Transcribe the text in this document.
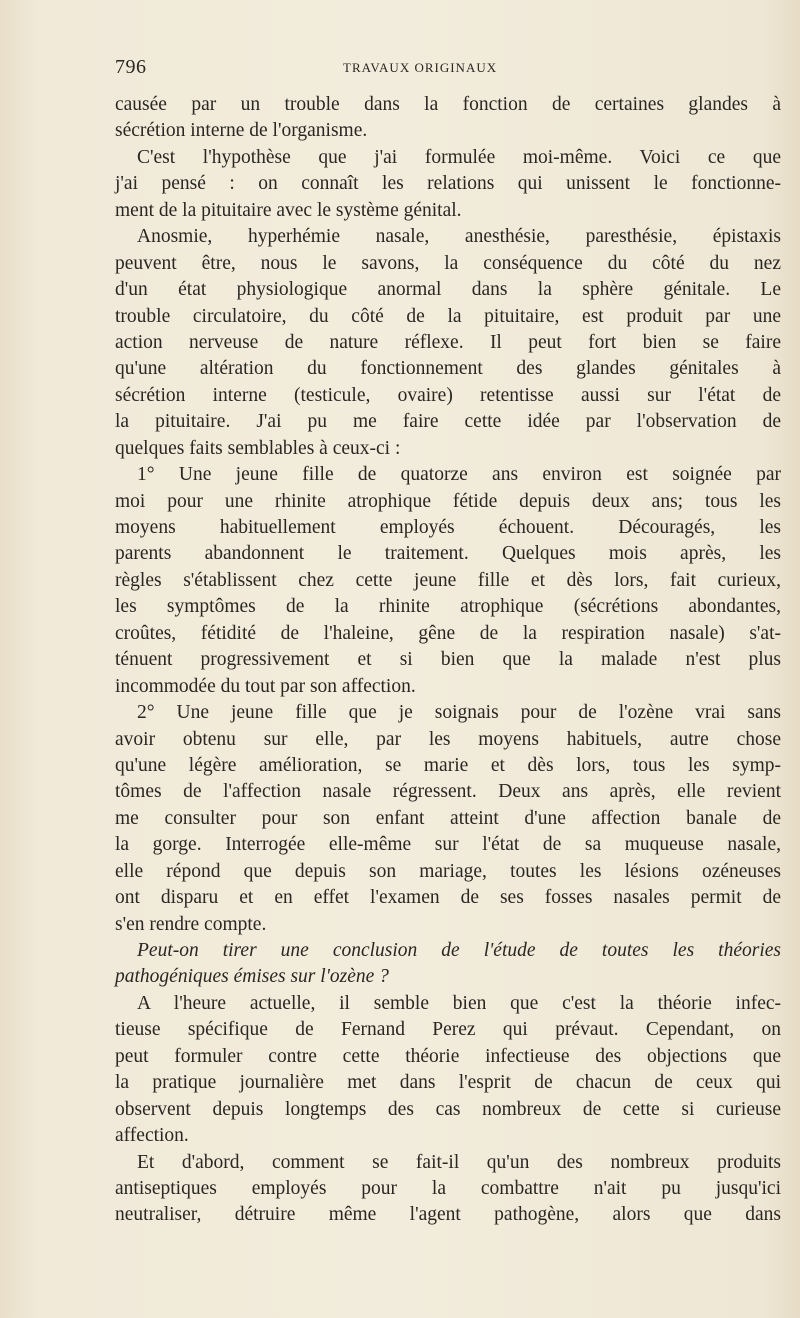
796	TRAVAUX ORIGINAUX
causée par un trouble dans la fonction de certaines glandes à
sécrétion interne de l'organisme.
C'est l'hypothèse que j'ai formulée moi-même. Voici ce que
j'ai pensé : on connaît les relations qui unissent le fonctionne-
ment de la pituitaire avec le système génital.
Anosmie, hyperhémie nasale, anesthésie, paresthésie, épistaxis
peuvent être, nous le savons, la conséquence du côté du nez
d'un état physiologique anormal dans la sphère génitale. Le
trouble circulatoire, du côté de la pituitaire, est produit par une
action nerveuse de nature réflexe. Il peut fort bien se faire
qu'une altération du fonctionnement des glandes génitales à
sécrétion interne (testicule, ovaire) retentisse aussi sur l'état de
la pituitaire. J'ai pu me faire cette idée par l'observation de
quelques faits semblables à ceux-ci :
1° Une jeune fille de quatorze ans environ est soignée par
moi pour une rhinite atrophique fétide depuis deux ans; tous les
moyens habituellement employés échouent. Découragés, les
parents abandonnent le traitement. Quelques mois après, les
règles s'établissent chez cette jeune fille et dès lors, fait curieux,
les symptômes de la rhinite atrophique (sécrétions abondantes,
croûtes, fétidité de l'haleine, gêne de la respiration nasale) s'at-
ténuent progressivement et si bien que la malade n'est plus
incommodée du tout par son affection.
2° Une jeune fille que je soignais pour de l'ozène vrai sans
avoir obtenu sur elle, par les moyens habituels, autre chose
qu'une légère amélioration, se marie et dès lors, tous les symp-
tômes de l'affection nasale régressent. Deux ans après, elle revient
me consulter pour son enfant atteint d'une affection banale de
la gorge. Interrogée elle-même sur l'état de sa muqueuse nasale,
elle répond que depuis son mariage, toutes les lésions ozéneuses
ont disparu et en effet l'examen de ses fosses nasales permit de
s'en rendre compte.
Peut-on tirer une conclusion de l'étude de toutes les théories
pathogéniques émises sur l'ozène ?
A l'heure actuelle, il semble bien que c'est la théorie infec-
tieuse spécifique de Fernand Perez qui prévaut. Cependant, on
peut formuler contre cette théorie infectieuse des objections que
la pratique journalière met dans l'esprit de chacun de ceux qui
observent depuis longtemps des cas nombreux de cette si curieuse
affection.
Et d'abord, comment se fait-il qu'un des nombreux produits
antiseptiques employés pour la combattre n'ait pu jusqu'ici
neutraliser, détruire même l'agent pathogène, alors que dans
